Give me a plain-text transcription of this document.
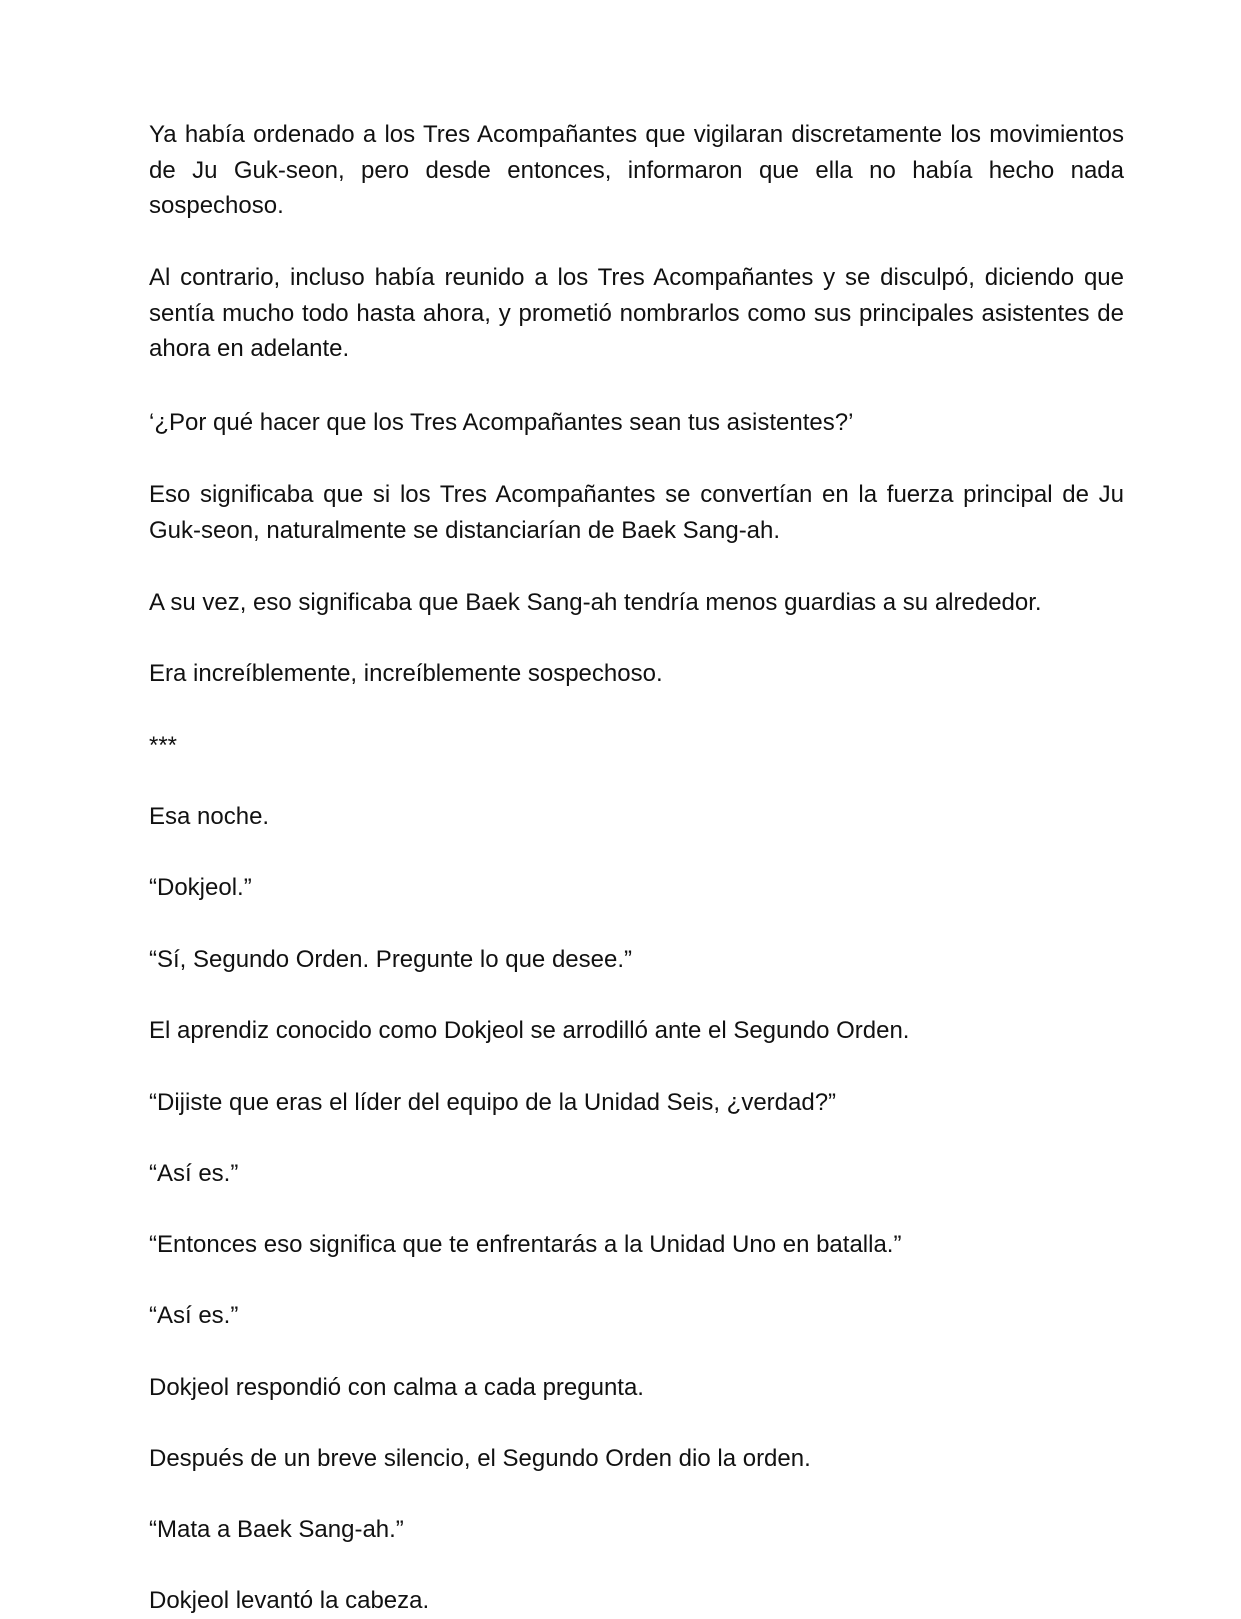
Ya había ordenado a los Tres Acompañantes que vigilaran discretamente los movimientos de Ju Guk-seon, pero desde entonces, informaron que ella no había hecho nada sospechoso.

Al contrario, incluso había reunido a los Tres Acompañantes y se disculpó, diciendo que sentía mucho todo hasta ahora, y prometió nombrarlos como sus principales asistentes de ahora en adelante.

‘¿Por qué hacer que los Tres Acompañantes sean tus asistentes?’

Eso significaba que si los Tres Acompañantes se convertían en la fuerza principal de Ju Guk-seon, naturalmente se distanciarían de Baek Sang-ah.

A su vez, eso significaba que Baek Sang-ah tendría menos guardias a su alrededor.

Era increíblemente, increíblemente sospechoso.

***

Esa noche.

“Dokjeol.”

“Sí, Segundo Orden. Pregunte lo que desee.”

El aprendiz conocido como Dokjeol se arrodilló ante el Segundo Orden.

“Dijiste que eras el líder del equipo de la Unidad Seis, ¿verdad?”

“Así es.”

“Entonces eso significa que te enfrentarás a la Unidad Uno en batalla.”

“Así es.”

Dokjeol respondió con calma a cada pregunta.

Después de un breve silencio, el Segundo Orden dio la orden.

“Mata a Baek Sang-ah.”

Dokjeol levantó la cabeza.
